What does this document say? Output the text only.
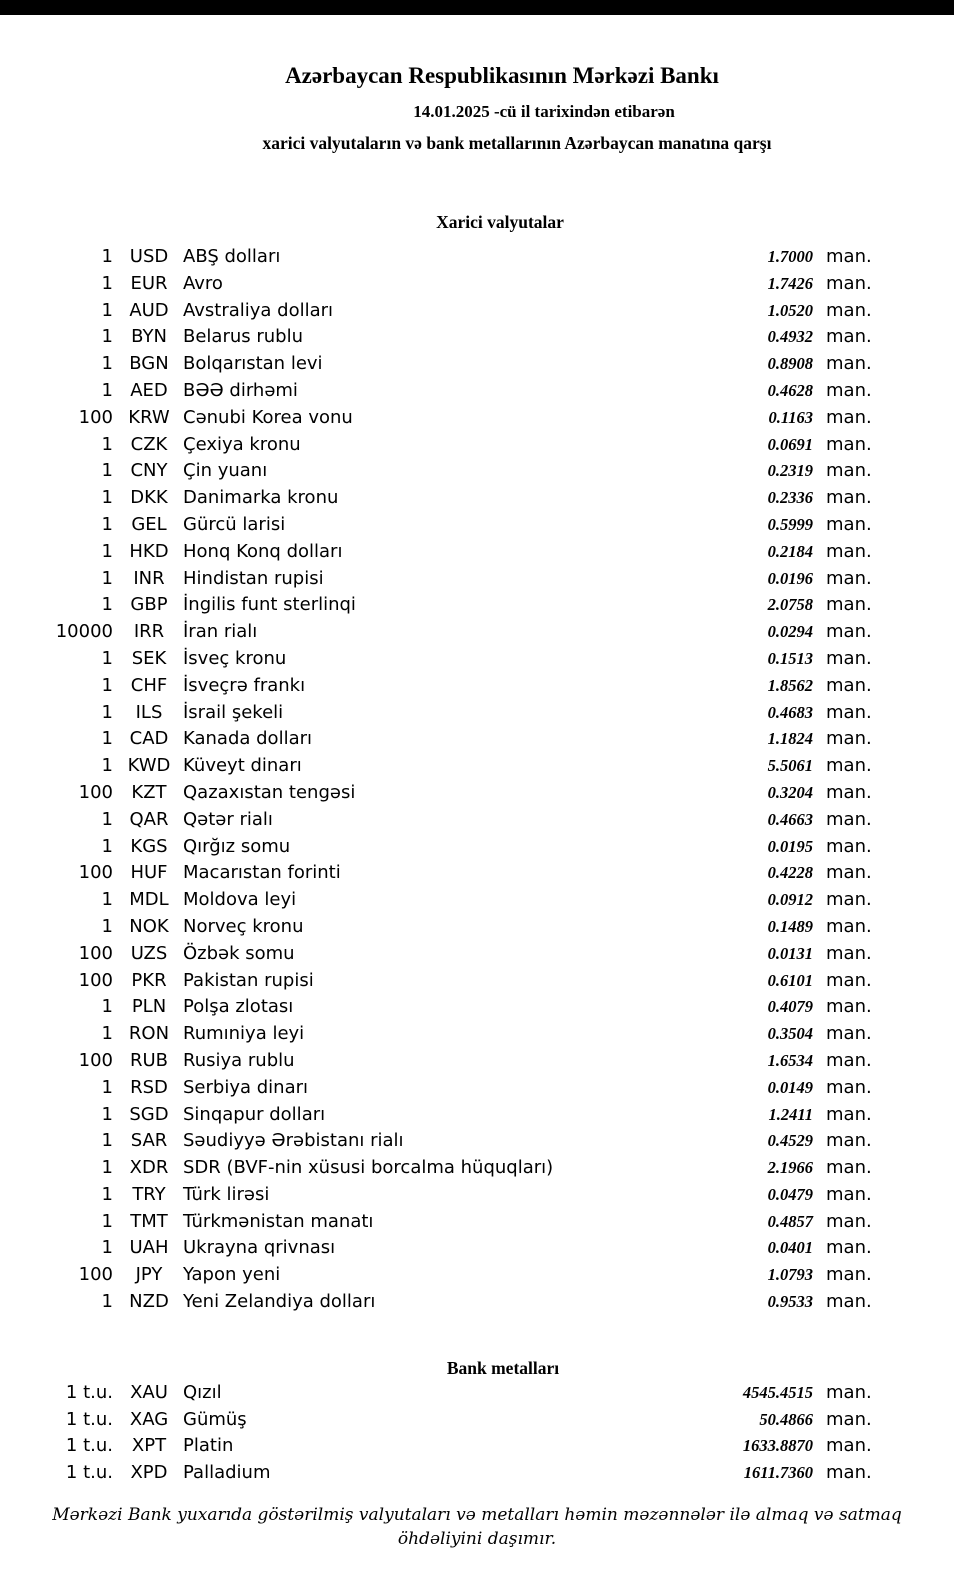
Azərbaycan Respublikasının Mərkəzi Bankı
14.01.2025 -cü il tarixindən etibarən
xarici valyutaların və bank metallarının Azərbaycan manatına qarşı
Xarici valyutalar
1 USD ABŞ dolları	1.7000 man.
1 EUR Avro	1.7426 man.
1 AUD Avstraliya dolları	1.0520 man.
1	BYN Belarus rublu	0.4932 man.
1 BGN Bolqarıstan levi	0.8908 man.
1 AED BƏƏ dirhəmi	0.4628 man.
100 KRW Cənubi Korea vonu	0.1163 man.
1 CZK Çexiya kronu	0.0691 man.
1 CNY Çin yuanı	0.2319 man.
1 DKK Danimarka kronu	0.2336 man.
1	GEL Gürcü larisi	0.5999 man.
1 HKD Honq Konq dolları	0.2184 man.
1	INR	Hindistan rupisi	0.0196 man.
1 GBP İngilis funt sterlinqi	2.0758 man.
10000	IRR	İran rialı	0.0294 man.
1	SEK İsveç kronu	0.1513 man.
1 CHF İsveçrə frankı	1.8562 man.
1	ILS	İsrail şekeli	0.4683 man.
1 CAD Kanada dolları	1.1824 man.
1 KWD Küveyt dinarı	5.5061 man.
100	KZT Qazaxıstan tengəsi	0.3204 man.
1 QAR Qətər rialı	0.4663 man.
1 KGS Qırğız somu	0.0195 man.
100 HUF Macarıstan forinti	0.4228 man.
1 MDL Moldova leyi	0.0912 man.
1 NOK Norveç kronu	0.1489 man.
100 UZS Özbək somu	0.0131 man.
100	PKR Pakistan rupisi	0.6101 man.
1	PLN Polşa zlotası	0.4079 man.
1 RON Rumıniya leyi	0.3504 man.
100 RUB Rusiya rublu	1.6534 man.
1 RSD Serbiya dinarı	0.0149 man.
1 SGD Sinqapur dolları	1.2411 man.
1 SAR Səudiyyə Ərəbistanı rialı	0.4529 man.
1 XDR SDR (BVF-nin xüsusi borcalma hüquqları)	2.1966 man.
1	TRY Türk lirəsi	0.0479 man.
1 TMT Türkmənistan manatı	0.4857 man.
1 UAH Ukrayna qrivnası	0.0401 man.
100	JPY	Yapon yeni	1.0793 man.
1 NZD Yeni Zelandiya dolları	0.9533 man.
Bank metalları
1 t.u. XAU Qızıl	4545.4515 man.
1 t.u. XAG Gümüş	50.4866 man.
1 t.u.	XPT Platin	1633.8870 man.
1 t.u. XPD Palladium	1611.7360 man.
Mərkəzi Bank yuxarıda göstərilmiş valyutaları və metalları həmin məzənnələr ilə almaq və satmaq öhdəliyini daşımır.
